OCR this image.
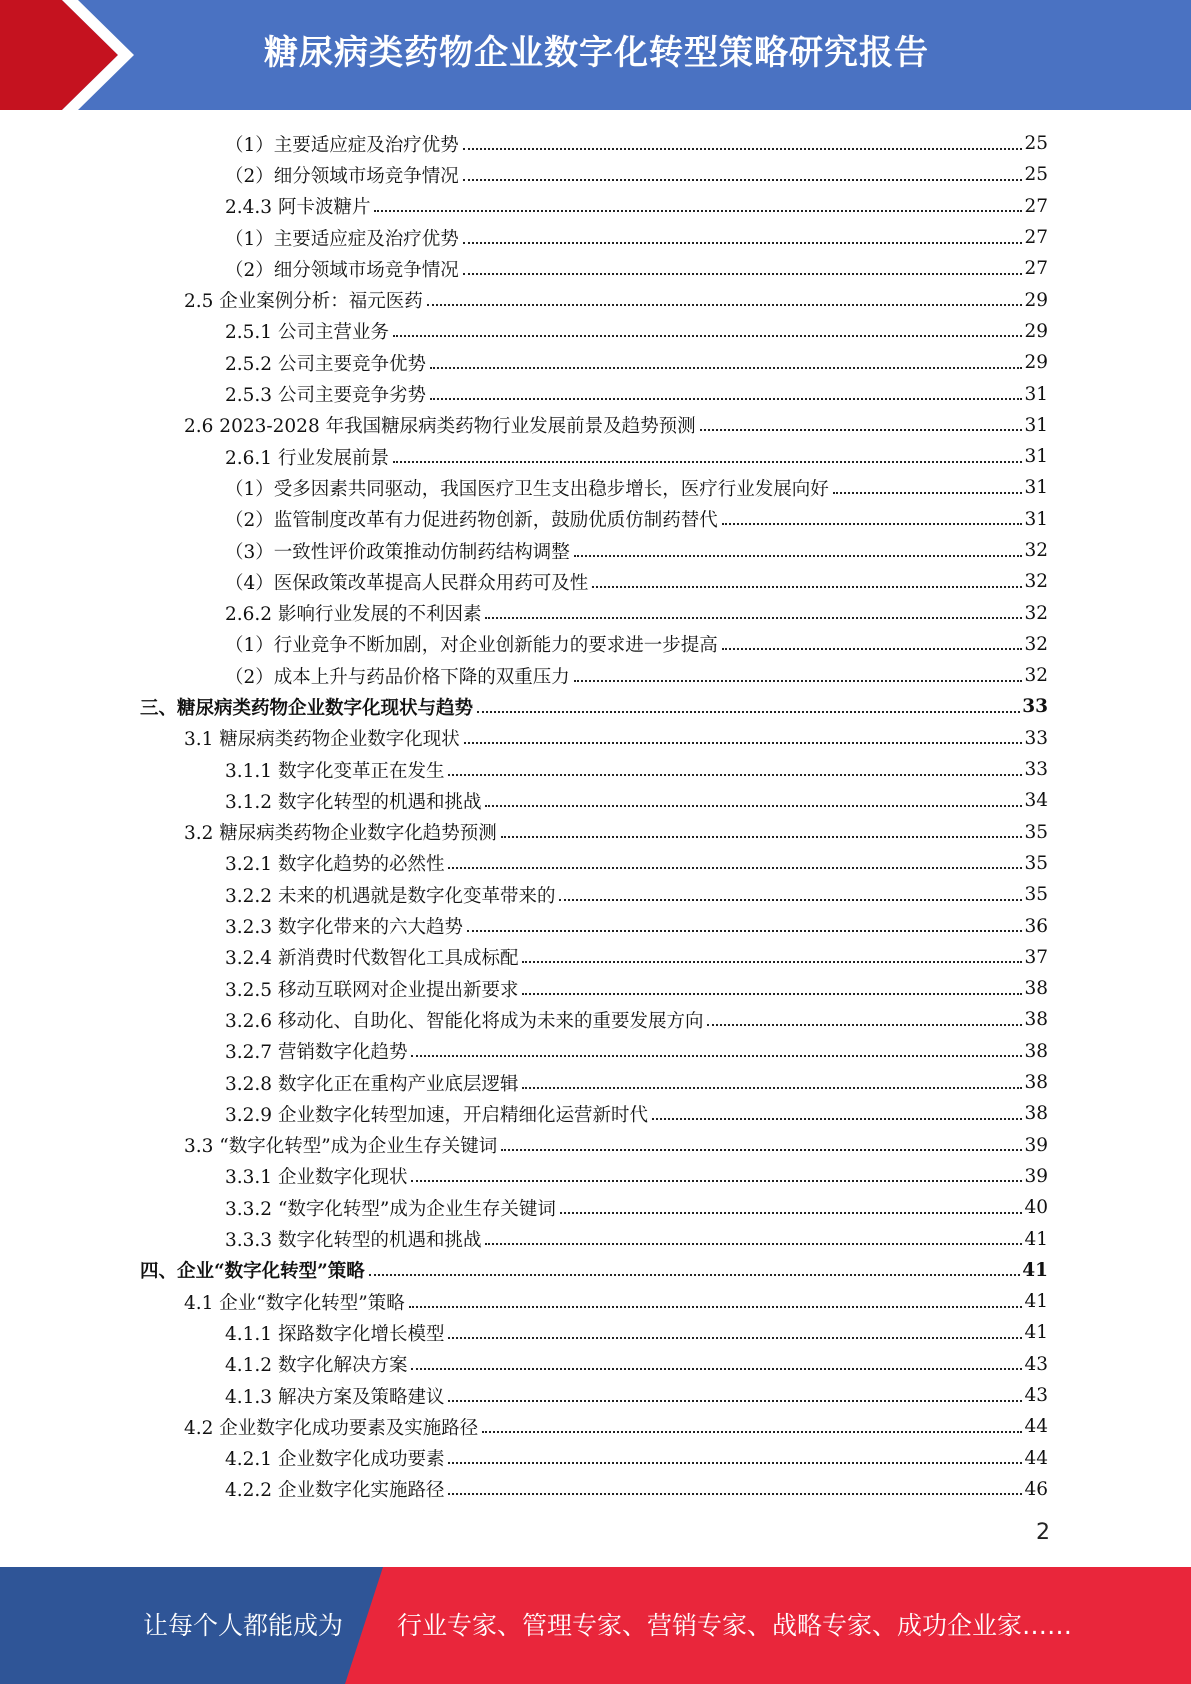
糖尿病类药物企业数字化转型策略研究报告
（1）主要适应症及治疗优势	25
（2）细分领域市场竞争情况	25
2.4.3 阿卡波糖片	27
（1）主要适应症及治疗优势	27
（2）细分领域市场竞争情况	27
2.5 企业案例分析：福元医药	29
2.5.1 公司主营业务	29
2.5.2 公司主要竞争优势	29
2.5.3 公司主要竞争劣势	31
2.6 2023-2028 年我国糖尿病类药物行业发展前景及趋势预测	31
2.6.1 行业发展前景	31
（1）受多因素共同驱动，我国医疗卫生支出稳步增长，医疗行业发展向好	31
（2）监管制度改革有力促进药物创新，鼓励优质仿制药替代	31
（3）一致性评价政策推动仿制药结构调整	32
（4）医保政策改革提高人民群众用药可及性	32
2.6.2 影响行业发展的不利因素	32
（1）行业竞争不断加剧，对企业创新能力的要求进一步提高	32
（2）成本上升与药品价格下降的双重压力	32
三、糖尿病类药物企业数字化现状与趋势	33
3.1 糖尿病类药物企业数字化现状	33
3.1.1 数字化变革正在发生	33
3.1.2 数字化转型的机遇和挑战	34
3.2 糖尿病类药物企业数字化趋势预测	35
3.2.1 数字化趋势的必然性	35
3.2.2 未来的机遇就是数字化变革带来的	35
3.2.3 数字化带来的六大趋势	36
3.2.4 新消费时代数智化工具成标配	37
3.2.5 移动互联网对企业提出新要求	38
3.2.6 移动化、自助化、智能化将成为未来的重要发展方向	38
3.2.7 营销数字化趋势	38
3.2.8 数字化正在重构产业底层逻辑	38
3.2.9 企业数字化转型加速，开启精细化运营新时代	38
3.3 “数字化转型”成为企业生存关键词	39
3.3.1 企业数字化现状	39
3.3.2 “数字化转型”成为企业生存关键词	40
3.3.3 数字化转型的机遇和挑战	41
四、企业“数字化转型”策略	41
4.1 企业“数字化转型”策略	41
4.1.1 探路数字化增长模型	41
4.1.2 数字化解决方案	43
4.1.3 解决方案及策略建议	43
4.2 企业数字化成功要素及实施路径	44
4.2.1 企业数字化成功要素	44
4.2.2 企业数字化实施路径	46
2
让每个人都能成为 行业专家、管理专家、营销专家、战略专家、成功企业家……
